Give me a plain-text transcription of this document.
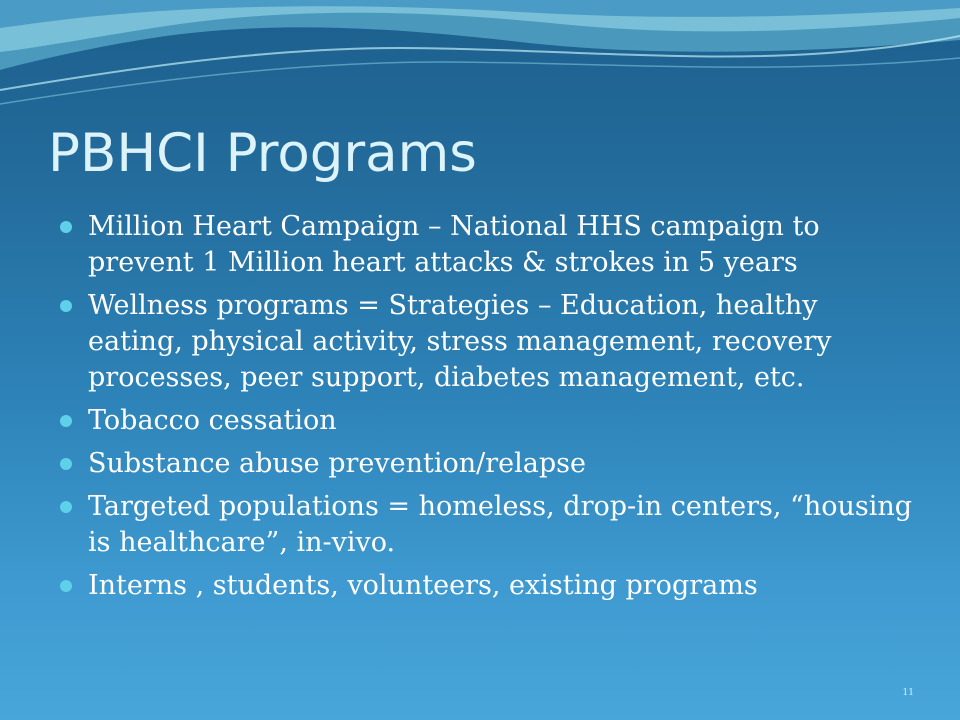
PBHCI Programs
Million Heart Campaign – National HHS campaign to prevent 1 Million heart attacks & strokes in 5 years
Wellness programs = Strategies – Education, healthy eating, physical activity, stress management, recovery processes, peer support, diabetes management, etc.
Tobacco cessation
Substance abuse prevention/relapse
Targeted populations = homeless, drop-in centers, “housing is healthcare”, in-vivo.
Interns , students, volunteers, existing programs
11
